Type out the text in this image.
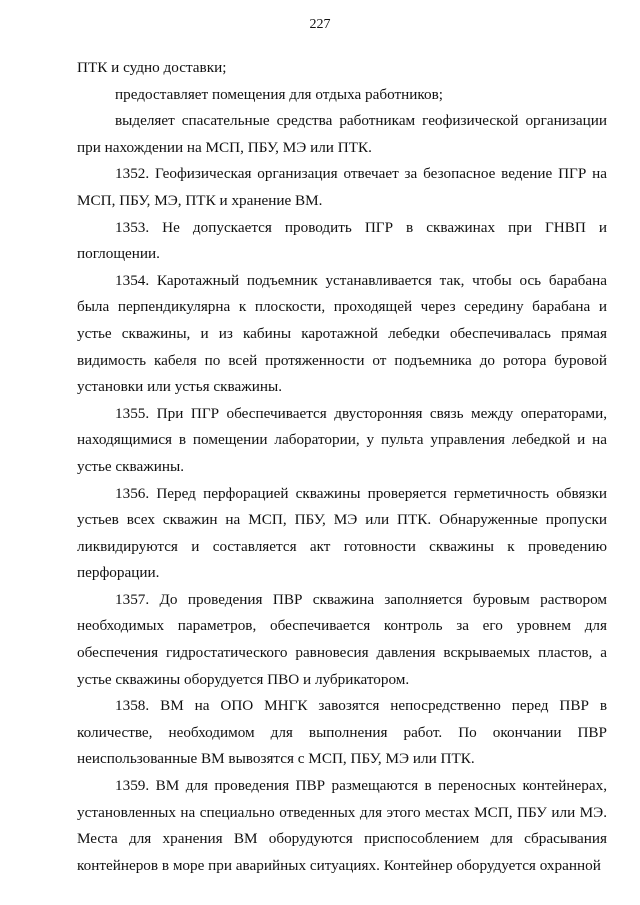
227

ПТК и судно доставки;

предоставляет помещения для отдыха работников;

выделяет спасательные средства работникам геофизической организации при нахождении на МСП, ПБУ, МЭ или ПТК.

1352. Геофизическая организация отвечает за безопасное ведение ПГР на МСП, ПБУ, МЭ, ПТК и хранение ВМ.

1353. Не допускается проводить ПГР в скважинах при ГНВП и поглощении.

1354. Каротажный подъемник устанавливается так, чтобы ось барабана была перпендикулярна к плоскости, проходящей через середину барабана и устье скважины, и из кабины каротажной лебедки обеспечивалась прямая видимость кабеля по всей протяженности от подъемника до ротора буровой установки или устья скважины.

1355. При ПГР обеспечивается двусторонняя связь между операторами, находящимися в помещении лаборатории, у пульта управления лебедкой и на устье скважины.

1356. Перед перфорацией скважины проверяется герметичность обвязки устьев всех скважин на МСП, ПБУ, МЭ или ПТК. Обнаруженные пропуски ликвидируются и составляется акт готовности скважины к проведению перфорации.

1357. До проведения ПВР скважина заполняется буровым раствором необходимых параметров, обеспечивается контроль за его уровнем для обеспечения гидростатического равновесия давления вскрываемых пластов, а устье скважины оборудуется ПВО и лубрикатором.

1358. ВМ на ОПО МНГК завозятся непосредственно перед ПВР в количестве, необходимом для выполнения работ. По окончании ПВР неиспользованные ВМ вывозятся с МСП, ПБУ, МЭ или ПТК.

1359. ВМ для проведения ПВР размещаются в переносных контейнерах, установленных на специально отведенных для этого местах МСП, ПБУ или МЭ. Места для хранения ВМ оборудуются приспособлением для сбрасывания контейнеров в море при аварийных ситуациях. Контейнер оборудуется охранной
